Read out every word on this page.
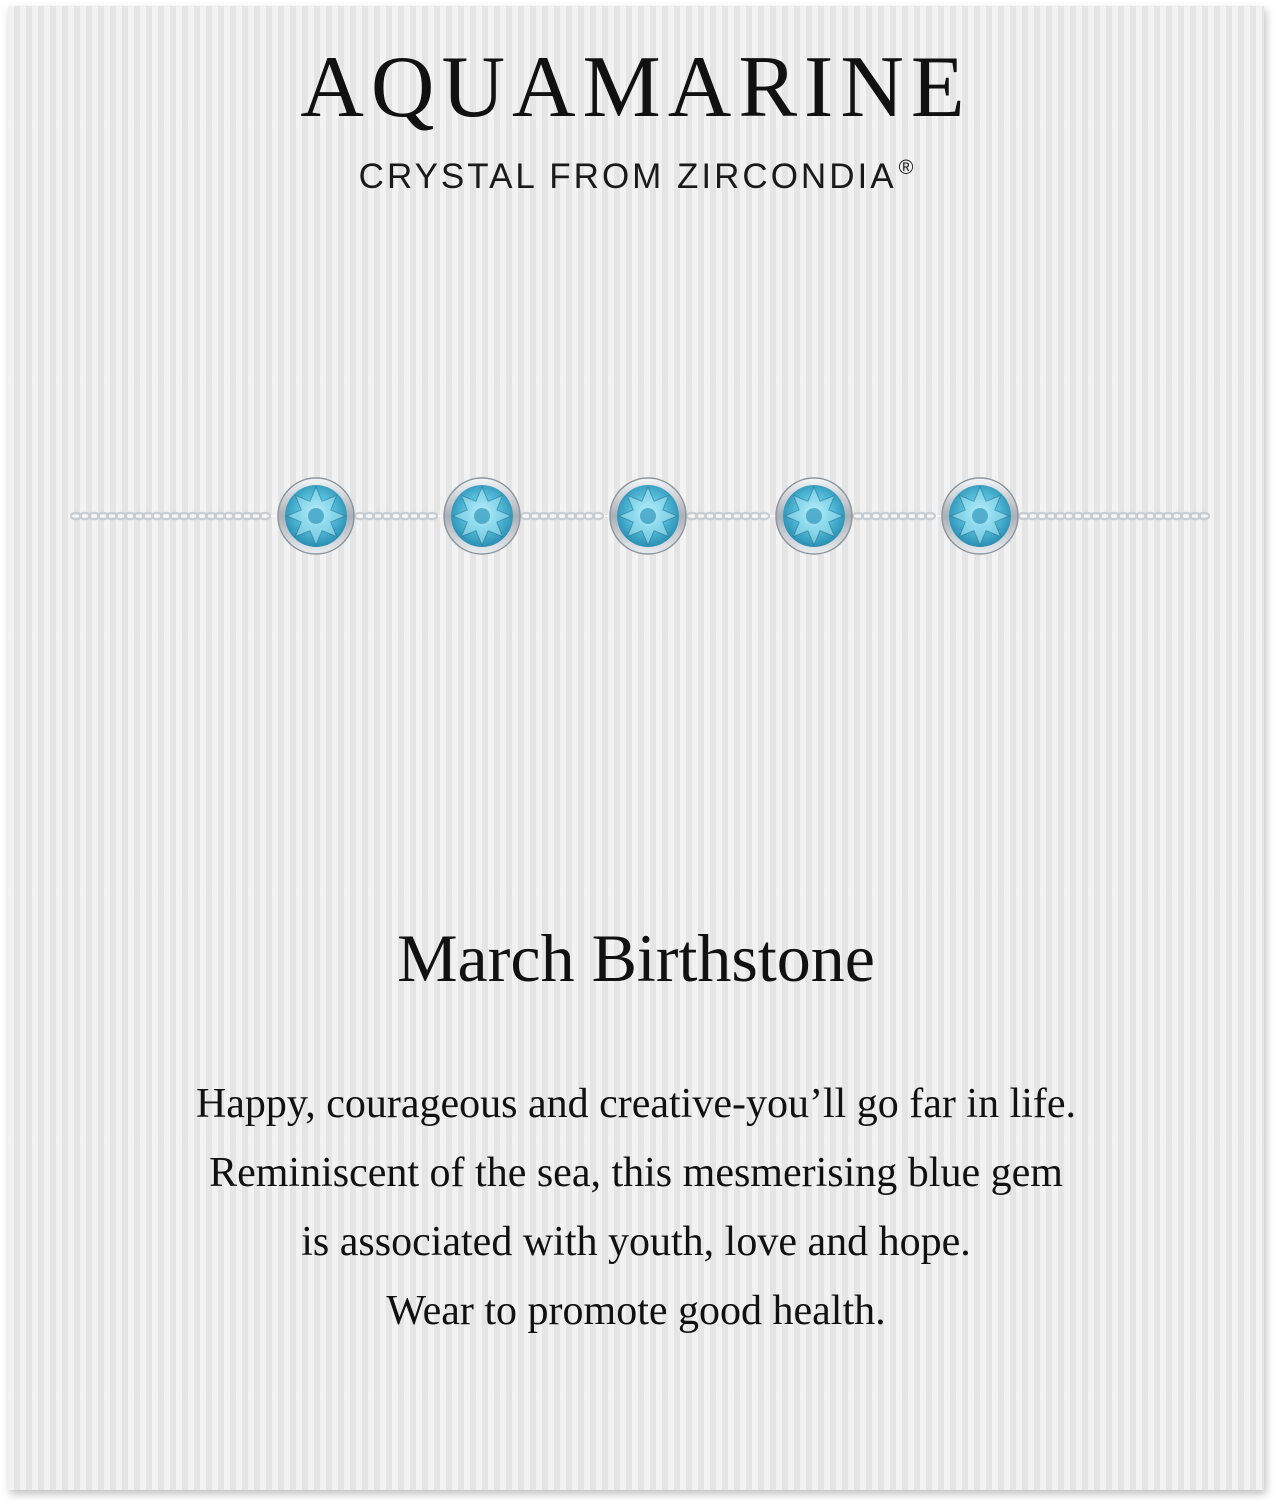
AQUAMARINE
CRYSTAL FROM ZIRCONDIA ®
March Birthstone
Happy, courageous and creative-you’ll go far in life.
Reminiscent of the sea, this mesmerising blue gem
is associated with youth, love and hope.
Wear to promote good health.
